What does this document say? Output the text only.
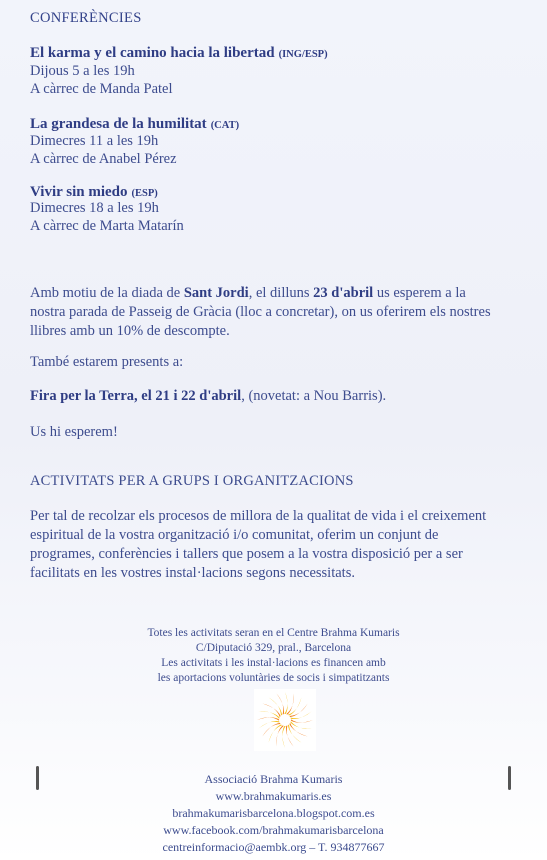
CONFERÈNCIES
El karma y el camino hacia la libertad (ING/ESP)
Dijous 5 a les 19h
A càrrec de Manda Patel
La grandesa de la humilitat (CAT)
Dimecres 11 a les 19h
A càrrec de Anabel Pérez
Vivir sin miedo (ESP)
Dimecres 18 a les 19h
A càrrec de Marta Matarín
Amb motiu de la diada de Sant Jordi, el dilluns 23 d'abril us esperem a la
nostra parada de Passeig de Gràcia (lloc a concretar), on us oferirem els nostres
llibres amb un 10% de descompte.
També estarem presents a:
Fira per la Terra, el 21 i 22 d'abril, (novetat: a Nou Barris).
Us hi esperem!
ACTIVITATS PER A GRUPS I ORGANITZACIONS
Per tal de recolzar els procesos de millora de la qualitat de vida i el creixement
espiritual de la vostra organització i/o comunitat, oferim un conjunt de
programes, conferències i tallers que posem a la vostra disposició per a ser
facilitats en les vostres instal·lacions segons necessitats.
Totes les activitats seran en el Centre Brahma Kumaris
C/Diputació 329, pral., Barcelona
Les activitats i les instal·lacions es financen amb
les aportacions voluntàries de socis i simpatitzants
Associació Brahma Kumaris
www.brahmakumaris.es
brahmakumarisbarcelona.blogspot.com.es
www.facebook.com/brahmakumarisbarcelona
centreinformacio@aembk.org – T. 934877667
